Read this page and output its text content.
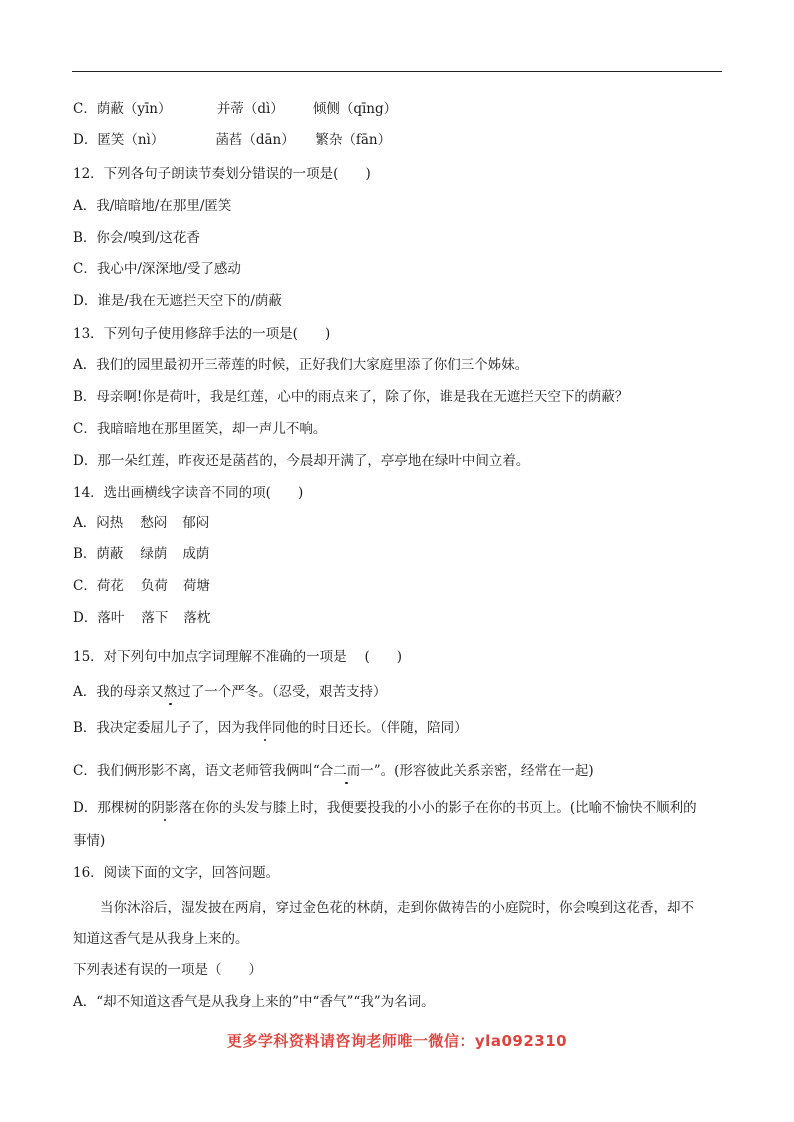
C．荫蔽（yīn）	并蒂（dì） 倾侧（qīng）
D．匿笑（nì）	菡萏（dān） 繁杂（fān）
12．下列各句子朗读节奏划分错误的一项是(　　)
A．我/暗暗地/在那里/匿笑
B．你会/嗅到/这花香
C．我心中/深深地/受了感动
D．谁是/我在无遮拦天空下的/荫蔽
13．下列句子使用修辞手法的一项是(　　)
A．我们的园里最初开三蒂莲的时候，正好我们大家庭里添了你们三个姊妹。
B．母亲啊!你是荷叶，我是红莲，心中的雨点来了，除了你，谁是我在无遮拦天空下的荫蔽？
C．我暗暗地在那里匿笑，却一声儿不响。
D．那一朵红莲，昨夜还是菡萏的，今晨却开满了，亭亭地在绿叶中间立着。
14．选出画横线字读音不同的项(　　)
A．闷热 愁闷 郁闷
B．荫蔽 绿荫 成荫
C．荷花 负荷 荷塘
D．落叶 落下 落枕
15．对下列句中加点字词理解不准确的一项是　 (　　)
A．我的母亲又熬过了一个严冬。（忍受，艰苦支持）
B．我决定委屈儿子了，因为我伴同他的时日还长。（伴随，陪同）
C．我们俩形影不离，语文老师管我俩叫“合二而一”。(形容彼此关系亲密，经常在一起)
D．那棵树的阴影落在你的头发与膝上时，我便要投我的小小的影子在你的书页上。(比喻不愉快不顺利的
事情)
16．阅读下面的文字，回答问题。
　　当你沐浴后，湿发披在两肩，穿过金色花的林荫，走到你做祷告的小庭院时，你会嗅到这花香，却不
知道这香气是从我身上来的。
下列表述有误的一项是（　　）
A．“却不知道这香气是从我身上来的”中“香气”“我”为名词。
更多学科资料请咨询老师唯一微信：yla092310
